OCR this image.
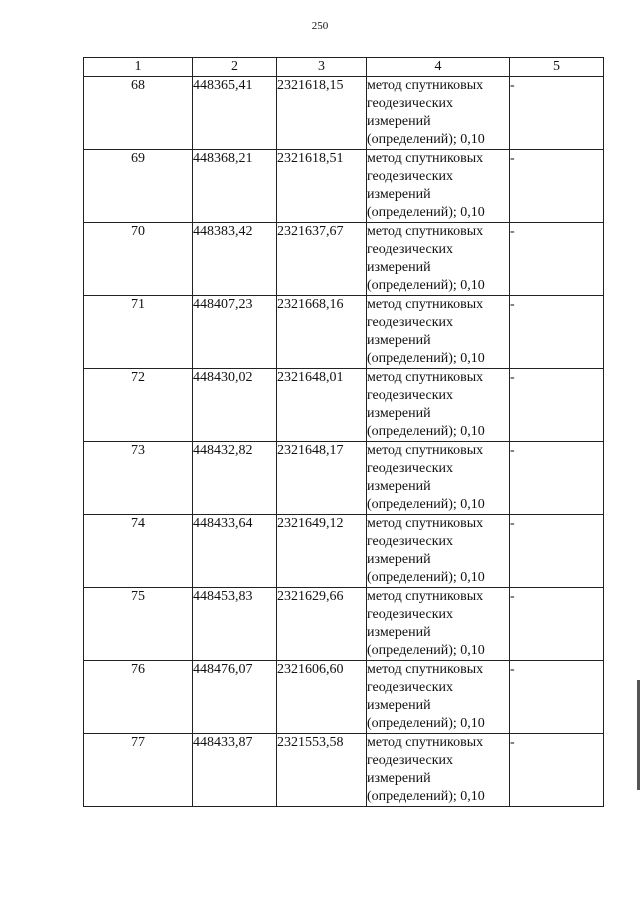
250
1	2	3	4	5
68	448365,41	2321618,15	метод спутниковых
геодезических
измерений
(определений); 0,10	-
69	448368,21	2321618,51	метод спутниковых
геодезических
измерений
(определений); 0,10	-
70	448383,42	2321637,67	метод спутниковых
геодезических
измерений
(определений); 0,10	-
71	448407,23	2321668,16	метод спутниковых
геодезических
измерений
(определений); 0,10	-
72	448430,02	2321648,01	метод спутниковых
геодезических
измерений
(определений); 0,10	-
73	448432,82	2321648,17	метод спутниковых
геодезических
измерений
(определений); 0,10	-
74	448433,64	2321649,12	метод спутниковых
геодезических
измерений
(определений); 0,10	-
75	448453,83	2321629,66	метод спутниковых
геодезических
измерений
(определений); 0,10	-
76	448476,07	2321606,60	метод спутниковых
геодезических
измерений
(определений); 0,10	-
77	448433,87	2321553,58	метод спутниковых
геодезических
измерений
(определений); 0,10	-
